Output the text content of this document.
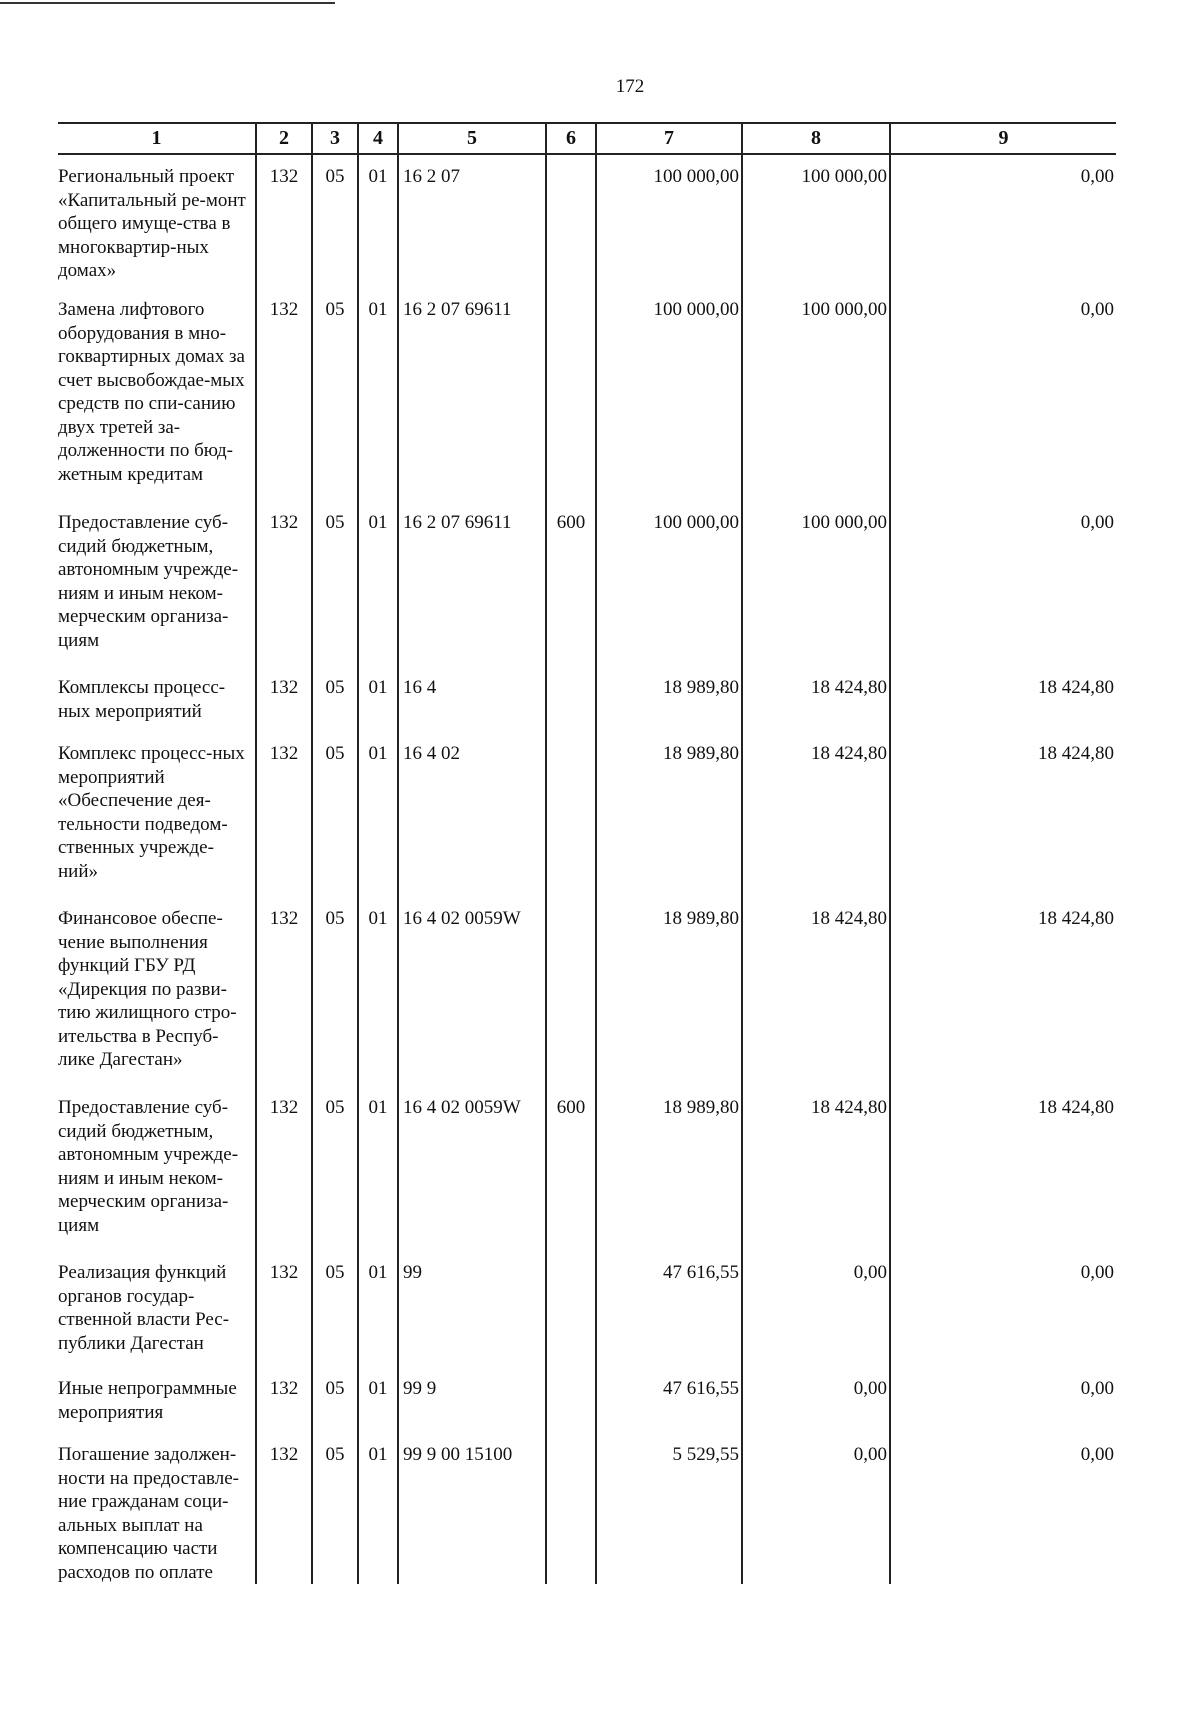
172
1	2	3	4	5	6	7	8	9
Региональный проект «Капитальный ре-монт общего имуще-ства в многоквартир-ных домах»	132	05	01	16 2 07		100 000,00	100 000,00	0,00
Замена лифтового оборудования в мно-гоквартирных домах за счет высвобождае-мых средств по спи-санию двух третей за-долженности по бюд-жетным кредитам	132	05	01	16 2 07 69611		100 000,00	100 000,00	0,00
Предоставление суб-сидий бюджетным, автономным учрежде-ниям и иным неком-мерческим организа-циям	132	05	01	16 2 07 69611	600	100 000,00	100 000,00	0,00
Комплексы процесс-ных мероприятий	132	05	01	16 4		18 989,80	18 424,80	18 424,80
Комплекс процесс-ных мероприятий «Обеспечение дея-тельности подведом-ственных учрежде-ний»	132	05	01	16 4 02		18 989,80	18 424,80	18 424,80
Финансовое обеспе-чение выполнения функций ГБУ РД «Дирекция по разви-тию жилищного стро-ительства в Респуб-лике Дагестан»	132	05	01	16 4 02 0059W		18 989,80	18 424,80	18 424,80
Предоставление суб-сидий бюджетным, автономным учрежде-ниям и иным неком-мерческим организа-циям	132	05	01	16 4 02 0059W	600	18 989,80	18 424,80	18 424,80
Реализация функций органов государ-ственной власти Рес-публики Дагестан	132	05	01	99		47 616,55	0,00	0,00
Иные непрограммные мероприятия	132	05	01	99 9		47 616,55	0,00	0,00
Погашение задолжен-ности на предоставле-ние гражданам соци-альных выплат на компенсацию части расходов по оплате	132	05	01	99 9 00 15100		5 529,55	0,00	0,00
